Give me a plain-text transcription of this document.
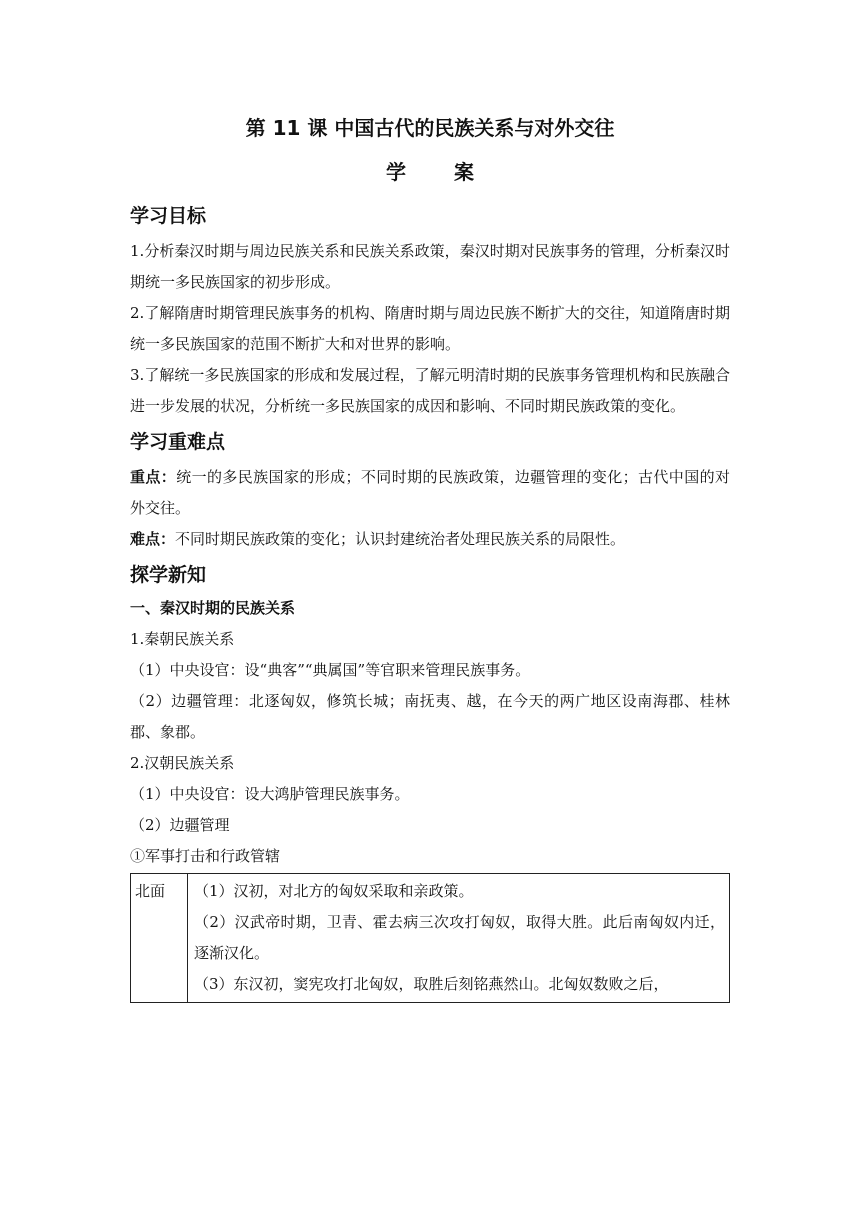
第 11 课 中国古代的民族关系与对外交往
学 案
学习目标

1.分析秦汉时期与周边民族关系和民族关系政策，秦汉时期对民族事务的管理，分析秦汉时期统一多民族国家的初步形成。

2.了解隋唐时期管理民族事务的机构、隋唐时期与周边民族不断扩大的交往，知道隋唐时期统一多民族国家的范围不断扩大和对世界的影响。

3.了解统一多民族国家的形成和发展过程，了解元明清时期的民族事务管理机构和民族融合进一步发展的状况，分析统一多民族国家的成因和影响、不同时期民族政策的变化。

学习重难点

重点：统一的多民族国家的形成；不同时期的民族政策，边疆管理的变化；古代中国的对外交往。

难点：不同时期民族政策的变化；认识封建统治者处理民族关系的局限性。

探学新知
一、秦汉时期的民族关系

1.秦朝民族关系

（1）中央设官：设“典客”“典属国”等官职来管理民族事务。

（2）边疆管理：北逐匈奴，修筑长城；南抚夷、越，在今天的两广地区设南海郡、桂林郡、象郡。

2.汉朝民族关系

（1）中央设官：设大鸿胪管理民族事务。

（2）边疆管理

①军事打击和行政管辖

北面	（1）汉初，对北方的匈奴采取和亲政策。
（2）汉武帝时期，卫青、霍去病三次攻打匈奴，取得大胜。此后南匈奴内迁，逐渐汉化。
（3）东汉初，窦宪攻打北匈奴，取胜后刻铭燕然山。北匈奴数败之后，
